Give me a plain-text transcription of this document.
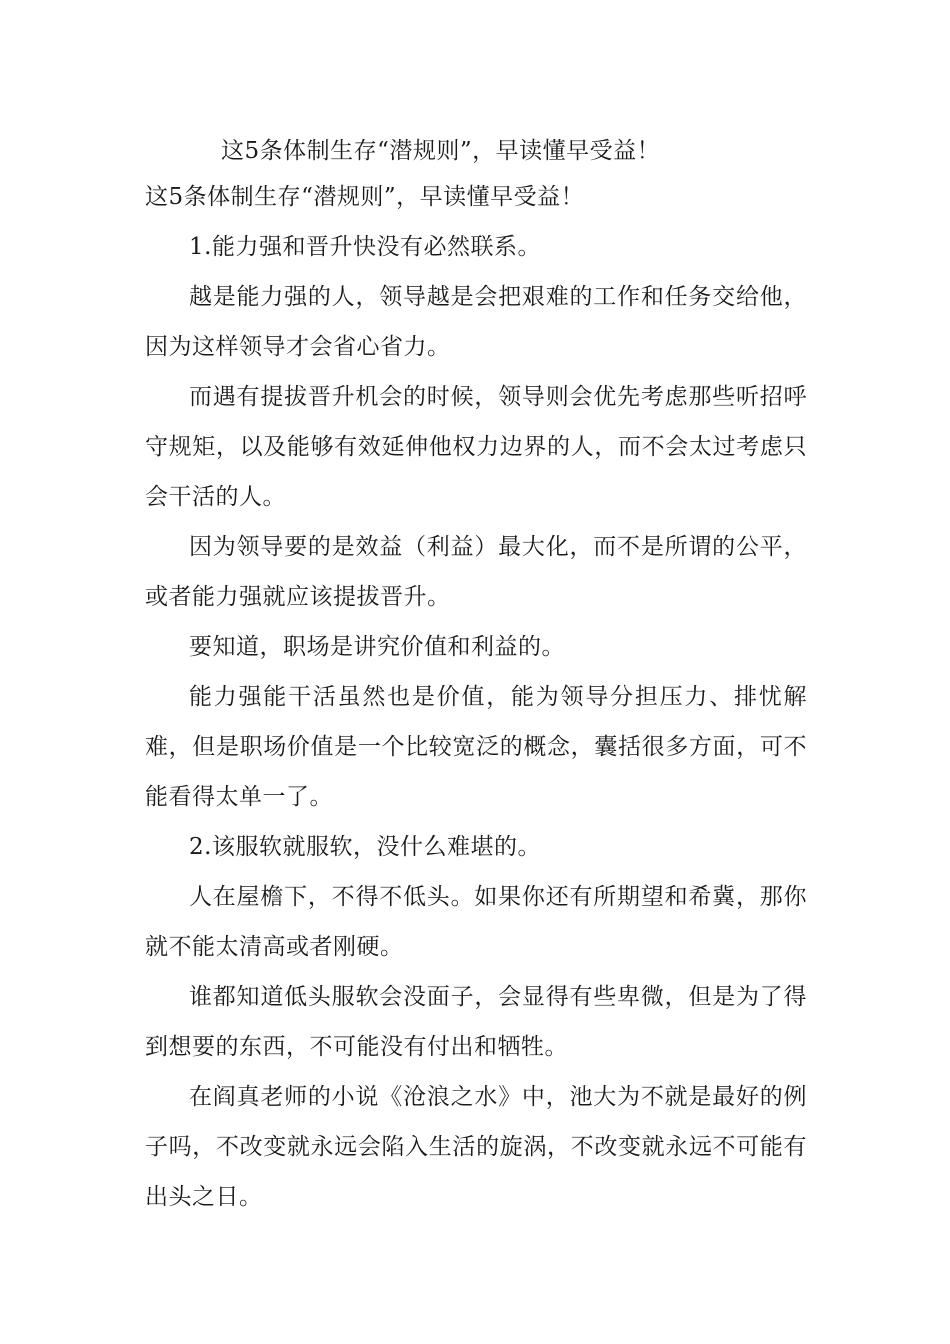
这5条体制生存“潜规则”，早读懂早受益！
这5条体制生存“潜规则”，早读懂早受益！

1.能力强和晋升快没有必然联系。

越是能力强的人，领导越是会把艰难的工作和任务交给他，因为这样领导才会省心省力。

而遇有提拔晋升机会的时候，领导则会优先考虑那些听招呼守规矩，以及能够有效延伸他权力边界的人，而不会太过考虑只会干活的人。

因为领导要的是效益（利益）最大化，而不是所谓的公平，或者能力强就应该提拔晋升。

要知道，职场是讲究价值和利益的。

能力强能干活虽然也是价值，能为领导分担压力、排忧解难，但是职场价值是一个比较宽泛的概念，囊括很多方面，可不能看得太单一了。

2.该服软就服软，没什么难堪的。

人在屋檐下，不得不低头。如果你还有所期望和希冀，那你就不能太清高或者刚硬。

谁都知道低头服软会没面子，会显得有些卑微，但是为了得到想要的东西，不可能没有付出和牺牲。

在阎真老师的小说《沧浪之水》中，池大为不就是最好的例子吗，不改变就永远会陷入生活的旋涡，不改变就永远不可能有出头之日。
